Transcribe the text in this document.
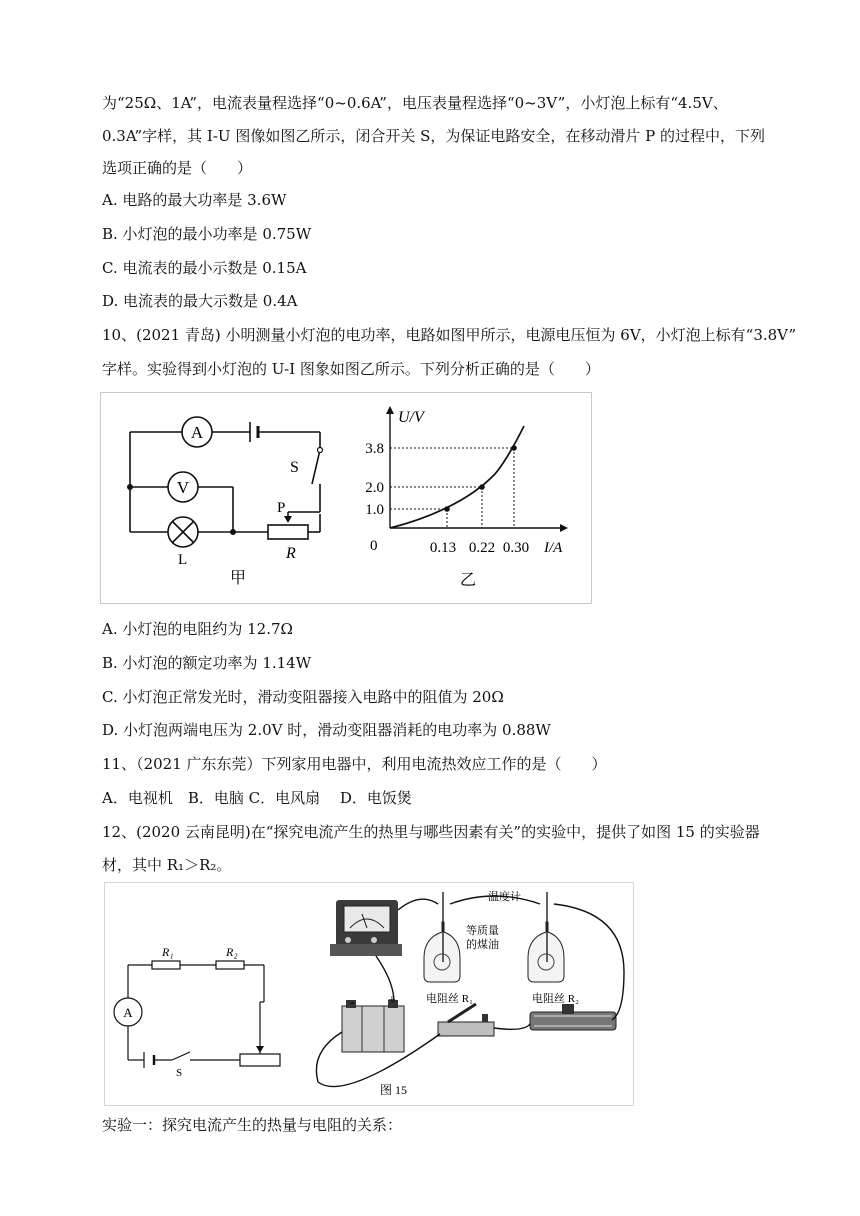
为“25Ω、1A”，电流表量程选择“0~0.6A”，电压表量程选择“0~3V”，小灯泡上标有“4.5V、
0.3A”字样，其 I-U 图像如图乙所示，闭合开关 S，为保证电路安全，在移动滑片 P 的过程中，下列
选项正确的是（　　）
A. 电路的最大功率是 3.6W
B. 小灯泡的最小功率是 0.75W
C. 电流表的最小示数是 0.15A
D. 电流表的最大示数是 0.4A
10、(2021 青岛) 小明测量小灯泡的电功率，电路如图甲所示，电源电压恒为 6V，小灯泡上标有“3.8V”
字样。实验得到小灯泡的 U-I 图象如图乙所示。下列分析正确的是（　　）
A
V
S
P
R
L
甲
U/V
I/A
0
3.8
2.0
1.0
0.13 0.22 0.30
乙
A. 小灯泡的电阻约为 12.7Ω
B. 小灯泡的额定功率为 1.14W
C. 小灯泡正常发光时，滑动变阻器接入电路中的阻值为 20Ω
D. 小灯泡两端电压为 2.0V 时，滑动变阻器消耗的电功率为 0.88W
11、（2021 广东东莞）下列家用电器中，利用电流热效应工作的是（　　）
A．电视机　B．电脑 C．电风扇　 D．电饭煲
12、(2020 云南昆明)在“探究电流产生的热里与哪些因素有关”的实验中，提供了如图 15 的实验器
材，其中 R₁＞R₂。
R₁	R₂
A
S
- +
温度计
等质量
的煤油
电阻丝 R₁	电阻丝 R₂
图 15
实验一：探究电流产生的热量与电阻的关系：
